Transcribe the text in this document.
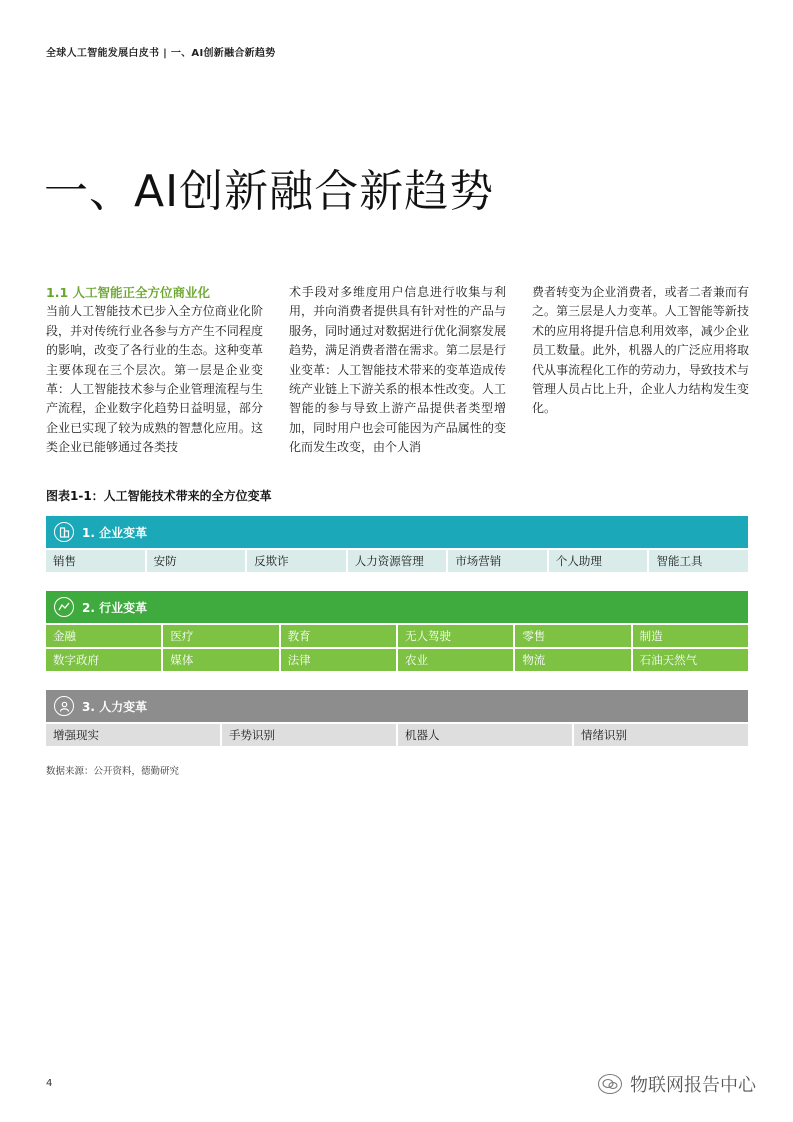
全球人工智能发展白皮书 | 一、AI创新融合新趋势
一、AI创新融合新趋势
1.1 人工智能正全方位商业化
当前人工智能技术已步入全方位商业化阶段，并对传统行业各参与方产生不同程度的影响，改变了各行业的生态。这种变革主要体现在三个层次。第一层是企业变革：人工智能技术参与企业管理流程与生产流程，企业数字化趋势日益明显，部分企业已实现了较为成熟的智慧化应用。这类企业已能够通过各类技
术手段对多维度用户信息进行收集与利用，并向消费者提供具有针对性的产品与服务，同时通过对数据进行优化洞察发展趋势，满足消费者潜在需求。第二层是行业变革：人工智能技术带来的变革造成传统产业链上下游关系的根本性改变。人工智能的参与导致上游产品提供者类型增加，同时用户也会可能因为产品属性的变化而发生改变，由个人消
费者转变为企业消费者，或者二者兼而有之。第三层是人力变革。人工智能等新技术的应用将提升信息利用效率，减少企业员工数量。此外，机器人的广泛应用将取代从事流程化工作的劳动力，导致技术与管理人员占比上升，企业人力结构发生变化。
图表1-1：人工智能技术带来的全方位变革
1. 企业变革
销售	安防	反欺诈	人力资源管理	市场营销	个人助理	智能工具
2. 行业变革
金融	医疗	教育	无人驾驶	零售	制造
数字政府	媒体	法律	农业	物流	石油天然气
3. 人力变革
增强现实	手势识别	机器人	情绪识别
数据来源：公开资料，德勤研究
4	物联网报告中心
